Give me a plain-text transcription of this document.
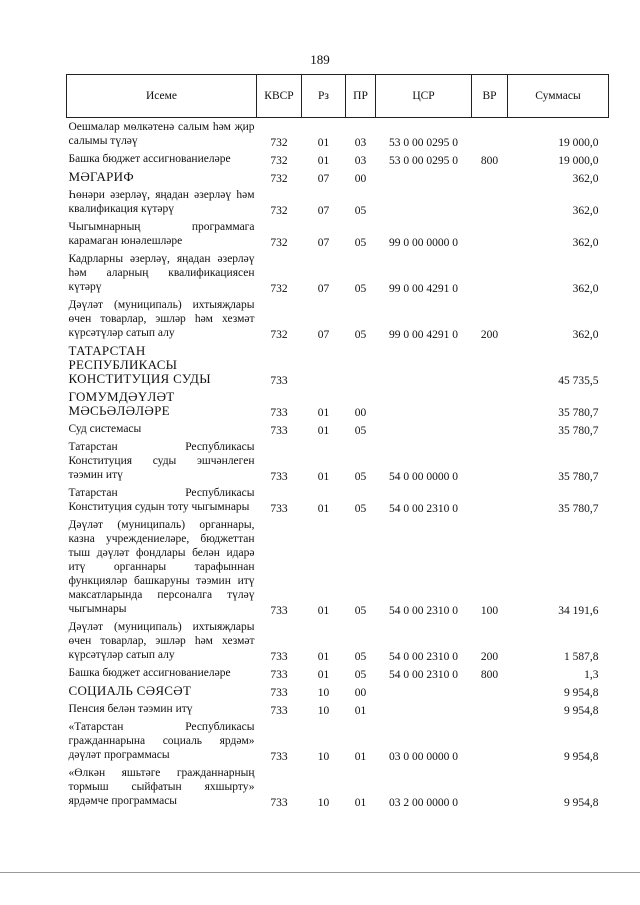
189
Исеме	КВСР	Рз	ПР	ЦСР	ВР	Суммасы
Оешмалар мөлкәтенә салым һәм җир салымы түләү	732	01	03	53 0 00 0295 0		19 000,0
Башка бюджет ассигнованиеләре	732	01	03	53 0 00 0295 0	800	19 000,0
МӘГАРИФ	732	07	00			362,0
Һөнәри әзерләү, яңадан әзерләү һәм квалификация күтәрү	732	07	05			362,0
Чыгымнарның программага карамаган юнәлешләре	732	07	05	99 0 00 0000 0		362,0
Кадрларны әзерләү, яңадан әзерләү һәм аларның квалификациясен күтәрү	732	07	05	99 0 00 4291 0		362,0
Дәүләт (муниципаль) ихтыяҗлары өчен товарлар, эшләр һәм хезмәт күрсәтүләр сатып алу	732	07	05	99 0 00 4291 0	200	362,0
ТАТАРСТАН РЕСПУБЛИКАСЫ КОНСТИТУЦИЯ СУДЫ	733					45 735,5
ГОМУМДӘҮЛӘТ МӘСЬӘЛӘЛӘРЕ	733	01	00			35 780,7
Суд системасы	733	01	05			35 780,7
Татарстан Республикасы Конституция суды эшчәнлеген тәэмин итү	733	01	05	54 0 00 0000 0		35 780,7
Татарстан Республикасы Конституция судын тоту чыгымнары	733	01	05	54 0 00 2310 0		35 780,7
Дәүләт (муниципаль) органнары, казна учреждениеләре, бюджеттан тыш дәүләт фондлары белән идарә итү органнары тарафыннан функцияләр башкаруны тәэмин итү максатларында персоналга түләү чыгымнары	733	01	05	54 0 00 2310 0	100	34 191,6
Дәүләт (муниципаль) ихтыяҗлары өчен товарлар, эшләр һәм хезмәт күрсәтүләр сатып алу	733	01	05	54 0 00 2310 0	200	1 587,8
Башка бюджет ассигнованиеләре	733	01	05	54 0 00 2310 0	800	1,3
СОЦИАЛЬ СӘЯСӘТ	733	10	00			9 954,8
Пенсия белән тәэмин итү	733	10	01			9 954,8
«Татарстан Республикасы гражданнарына социаль ярдәм» дәүләт программасы	733	10	01	03 0 00 0000 0		9 954,8
«Өлкән яшьтәге гражданнарның тормыш сыйфатын яхшырту» ярдәмче программасы	733	10	01	03 2 00 0000 0		9 954,8
